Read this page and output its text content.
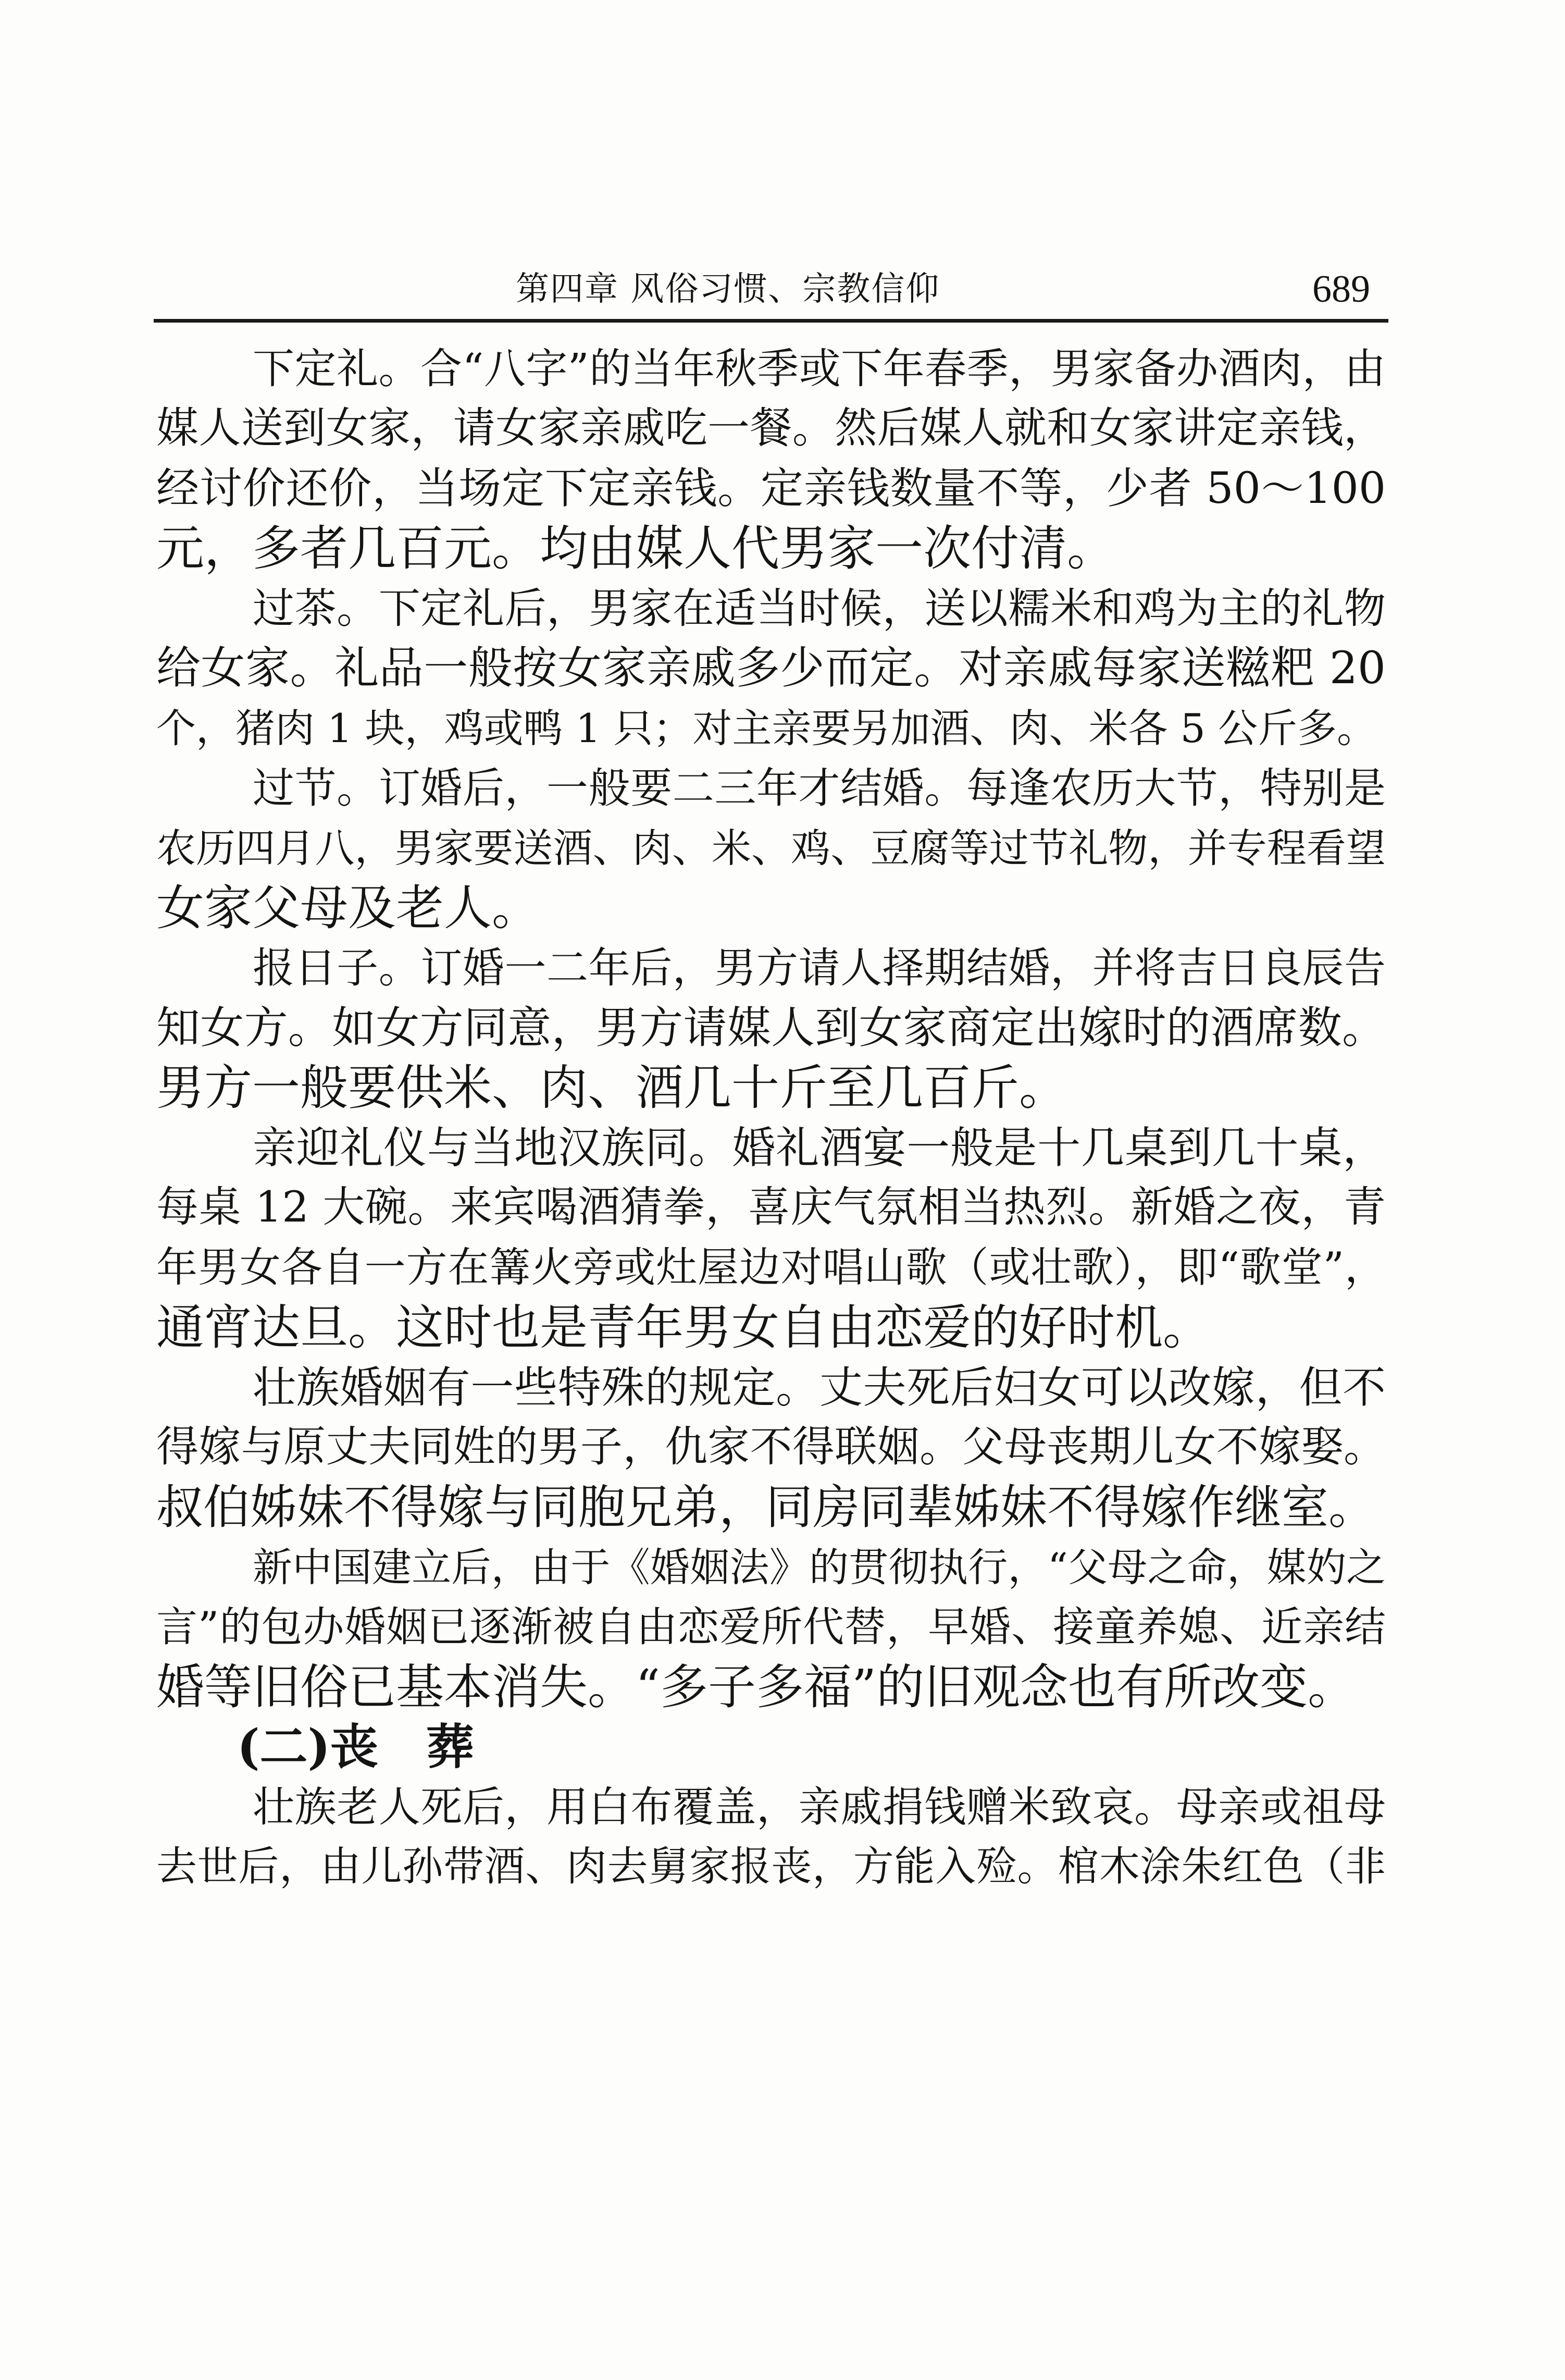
第四章 风俗习惯、宗教信仰	689
下定礼。合“八字”的当年秋季或下年春季，男家备办酒肉，由
媒人送到女家，请女家亲戚吃一餐。然后媒人就和女家讲定亲钱，
经讨价还价，当场定下定亲钱。定亲钱数量不等，少者 50～100
元，多者几百元。均由媒人代男家一次付清。
过茶。下定礼后，男家在适当时候，送以糯米和鸡为主的礼物
给女家。礼品一般按女家亲戚多少而定。对亲戚每家送糍粑 20
个，猪肉 1 块，鸡或鸭 1 只；对主亲要另加酒、肉、米各 5 公斤多。
过节。订婚后，一般要二三年才结婚。每逢农历大节，特别是
农历四月八，男家要送酒、肉、米、鸡、豆腐等过节礼物，并专程看望
女家父母及老人。
报日子。订婚一二年后，男方请人择期结婚，并将吉日良辰告
知女方。如女方同意，男方请媒人到女家商定出嫁时的酒席数。
男方一般要供米、肉、酒几十斤至几百斤。
亲迎礼仪与当地汉族同。婚礼酒宴一般是十几桌到几十桌，
每桌 12 大碗。来宾喝酒猜拳，喜庆气氛相当热烈。新婚之夜，青
年男女各自一方在篝火旁或灶屋边对唱山歌（或壮歌），即“歌堂”，
通宵达旦。这时也是青年男女自由恋爱的好时机。
壮族婚姻有一些特殊的规定。丈夫死后妇女可以改嫁，但不
得嫁与原丈夫同姓的男子，仇家不得联姻。父母丧期儿女不嫁娶。
叔伯姊妹不得嫁与同胞兄弟，同房同辈姊妹不得嫁作继室。
新中国建立后，由于《婚姻法》的贯彻执行，“父母之命，媒妁之
言”的包办婚姻已逐渐被自由恋爱所代替，早婚、接童养媳、近亲结
婚等旧俗已基本消失。“多子多福”的旧观念也有所改变。
(二)丧　葬
壮族老人死后，用白布覆盖，亲戚捐钱赠米致哀。母亲或祖母
去世后，由儿孙带酒、肉去舅家报丧，方能入殓。棺木涂朱红色（非
